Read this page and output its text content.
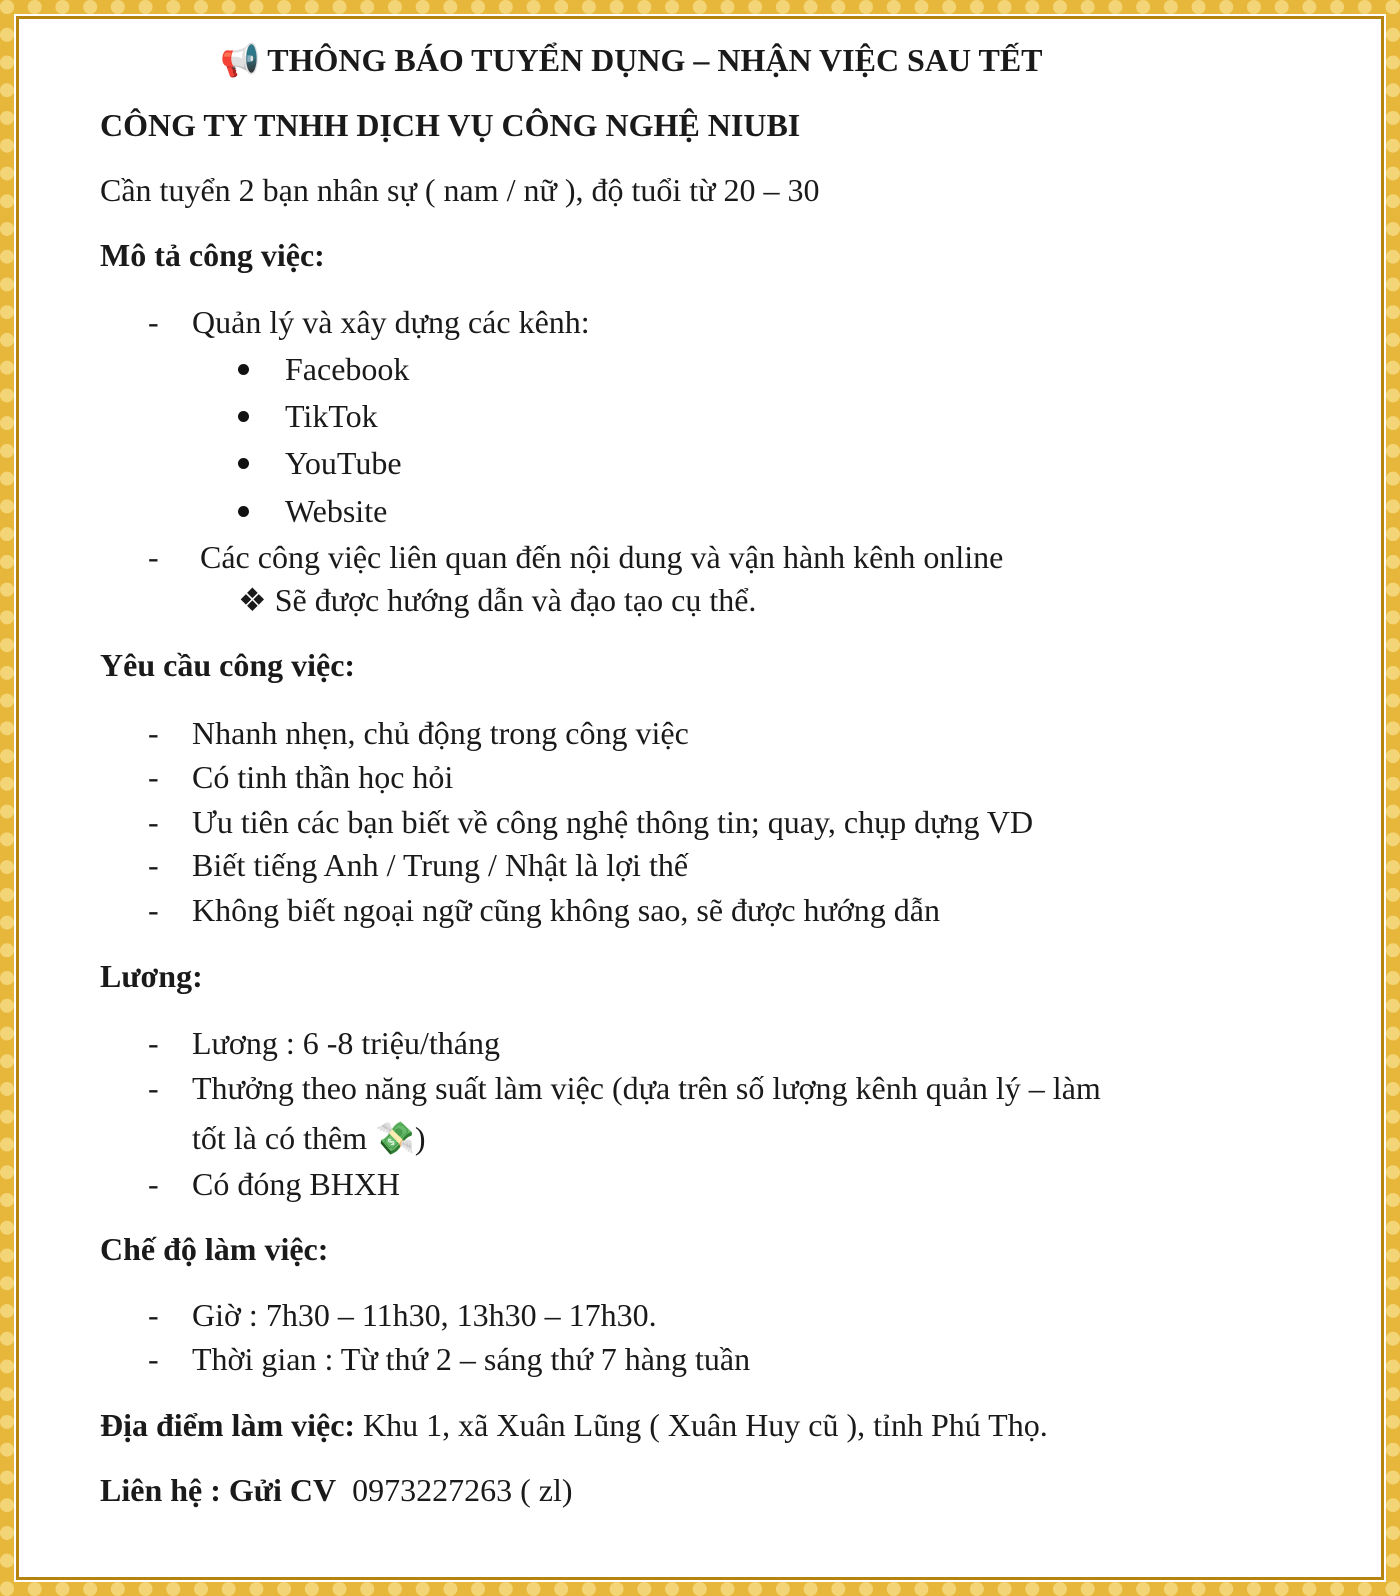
📢 THÔNG BÁO TUYỂN DỤNG – NHẬN VIỆC SAU TẾT
CÔNG TY TNHH DỊCH VỤ CÔNG NGHỆ NIUBI
Cần tuyển 2 bạn nhân sự ( nam / nữ ), độ tuổi từ 20 – 30
Mô tả công việc:
- Quản lý và xây dựng các kênh:
Facebook
TikTok
YouTube
Website
- Các công việc liên quan đến nội dung và vận hành kênh online
❖ Sẽ được hướng dẫn và đạo tạo cụ thể.
Yêu cầu công việc:
- Nhanh nhẹn, chủ động trong công việc
- Có tinh thần học hỏi
- Ưu tiên các bạn biết về công nghệ thông tin; quay, chụp dựng VD
- Biết tiếng Anh / Trung / Nhật là lợi thế
- Không biết ngoại ngữ cũng không sao, sẽ được hướng dẫn
Lương:
- Lương : 6 -8 triệu/tháng
- Thưởng theo năng suất làm việc (dựa trên số lượng kênh quản lý – làm
tốt là có thêm 💸)
- Có đóng BHXH
Chế độ làm việc:
- Giờ : 7h30 – 11h30, 13h30 – 17h30.
- Thời gian : Từ thứ 2 – sáng thứ 7 hàng tuần
Địa điểm làm việc: Khu 1, xã Xuân Lũng ( Xuân Huy cũ ), tỉnh Phú Thọ.
Liên hệ : Gửi CV  0973227263 ( zl)
